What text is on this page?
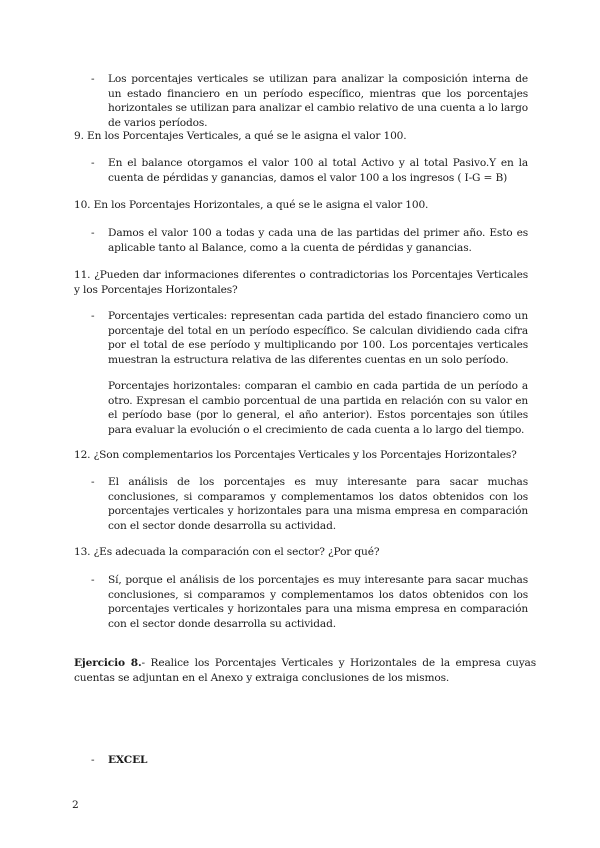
- Los porcentajes verticales se utilizan para analizar la composición interna de un estado financiero en un período específico, mientras que los porcentajes horizontales se utilizan para analizar el cambio relativo de una cuenta a lo largo de varios períodos.
9. En los Porcentajes Verticales, a qué se le asigna el valor 100.
- En el balance otorgamos el valor 100 al total Activo y al total Pasivo.Y en la cuenta de pérdidas y ganancias, damos el valor 100 a los ingresos ( I-G = B)
10. En los Porcentajes Horizontales, a qué se le asigna el valor 100.
- Damos el valor 100 a todas y cada una de las partidas del primer año. Esto es aplicable tanto al Balance, como a la cuenta de pérdidas y ganancias.
11. ¿Pueden dar informaciones diferentes o contradictorias los Porcentajes Verticales y los Porcentajes Horizontales?
- Porcentajes verticales: representan cada partida del estado financiero como un porcentaje del total en un período específico. Se calculan dividiendo cada cifra por el total de ese período y multiplicando por 100. Los porcentajes verticales muestran la estructura relativa de las diferentes cuentas en un solo período.
Porcentajes horizontales: comparan el cambio en cada partida de un período a otro. Expresan el cambio porcentual de una partida en relación con su valor en el período base (por lo general, el año anterior). Estos porcentajes son útiles para evaluar la evolución o el crecimiento de cada cuenta a lo largo del tiempo.
12. ¿Son complementarios los Porcentajes Verticales y los Porcentajes Horizontales?
- El análisis de los porcentajes es muy interesante para sacar muchas conclusiones, si comparamos y complementamos los datos obtenidos con los porcentajes verticales y horizontales para una misma empresa en comparación con el sector donde desarrolla su actividad.
13. ¿Es adecuada la comparación con el sector? ¿Por qué?
- Sí, porque el análisis de los porcentajes es muy interesante para sacar muchas conclusiones, si comparamos y complementamos los datos obtenidos con los porcentajes verticales y horizontales para una misma empresa en comparación con el sector donde desarrolla su actividad.
Ejercicio 8.- Realice los Porcentajes Verticales y Horizontales de la empresa cuyas cuentas se adjuntan en el Anexo y extraiga conclusiones de los mismos.
- EXCEL
2
